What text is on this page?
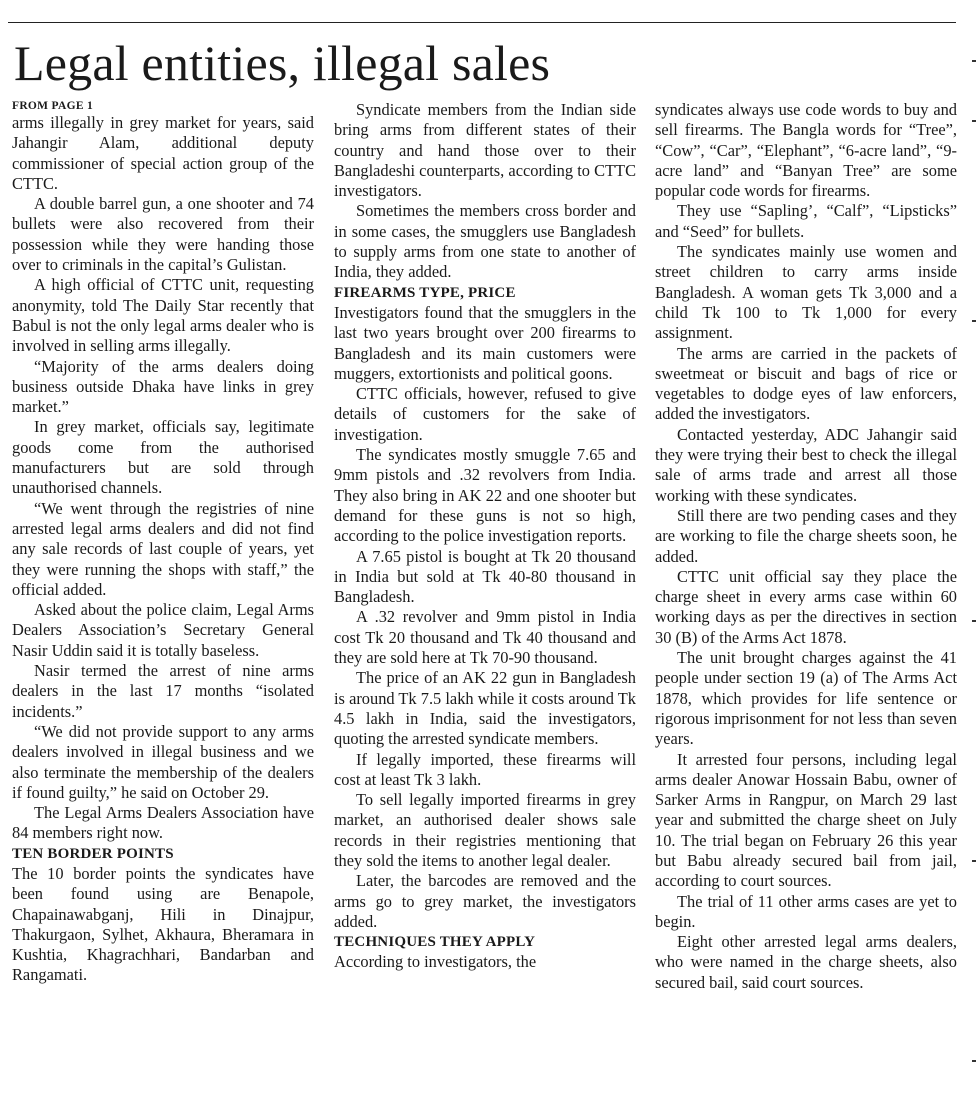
Legal entities, illegal sales

FROM PAGE 1

arms illegally in grey market for years, said Jahangir Alam, additional deputy commissioner of special action group of the CTTC.

A double barrel gun, a one shooter and 74 bullets were also recovered from their possession while they were handing those over to criminals in the capital’s Gulistan.

A high official of CTTC unit, requesting anonymity, told The Daily Star recently that Babul is not the only legal arms dealer who is involved in selling arms illegally.

“Majority of the arms dealers doing business outside Dhaka have links in grey market.”

In grey market, officials say, legitimate goods come from the authorised manufacturers but are sold through unauthorised channels.

“We went through the registries of nine arrested legal arms dealers and did not find any sale records of last couple of years, yet they were running the shops with staff,” the official added.

Asked about the police claim, Legal Arms Dealers Association’s Secretary General Nasir Uddin said it is totally baseless.

Nasir termed the arrest of nine arms dealers in the last 17 months “isolated incidents.”

“We did not provide support to any arms dealers involved in illegal business and we also terminate the membership of the dealers if found guilty,” he said on October 29.

The Legal Arms Dealers Association have 84 members right now.

TEN BORDER POINTS

The 10 border points the syndicates have been found using are Benapole, Chapainawabganj, Hili in Dinajpur, Thakurgaon, Sylhet, Akhaura, Bheramara in Kushtia, Khagrachhari, Bandarban and Rangamati.

Syndicate members from the Indian side bring arms from different states of their country and hand those over to their Bangladeshi counterparts, according to CTTC investigators.

Sometimes the members cross border and in some cases, the smugglers use Bangladesh to supply arms from one state to another of India, they added.

FIREARMS TYPE, PRICE

Investigators found that the smugglers in the last two years brought over 200 firearms to Bangladesh and its main customers were muggers, extortionists and political goons.

CTTC officials, however, refused to give details of customers for the sake of investigation.

The syndicates mostly smuggle 7.65 and 9mm pistols and .32 revolvers from India. They also bring in AK 22 and one shooter but demand for these guns is not so high, according to the police investigation reports.

A 7.65 pistol is bought at Tk 20 thousand in India but sold at Tk 40-80 thousand in Bangladesh.

A .32 revolver and 9mm pistol in India cost Tk 20 thousand and Tk 40 thousand and they are sold here at Tk 70-90 thousand.

The price of an AK 22 gun in Bangladesh is around Tk 7.5 lakh while it costs around Tk 4.5 lakh in India, said the investigators, quoting the arrested syndicate members.

If legally imported, these firearms will cost at least Tk 3 lakh.

To sell legally imported firearms in grey market, an authorised dealer shows sale records in their registries mentioning that they sold the items to another legal dealer.

Later, the barcodes are removed and the arms go to grey market, the investigators added.

TECHNIQUES THEY APPLY

According to investigators, the

syndicates always use code words to buy and sell firearms. The Bangla words for “Tree”, “Cow”, “Car”, “Elephant”, “6-acre land”, “9-acre land” and “Banyan Tree” are some popular code words for firearms.

They use “Sapling’, “Calf”, “Lipsticks” and “Seed” for bullets.

The syndicates mainly use women and street children to carry arms inside Bangladesh. A woman gets Tk 3,000 and a child Tk 100 to Tk 1,000 for every assignment.

The arms are carried in the packets of sweetmeat or biscuit and bags of rice or vegetables to dodge eyes of law enforcers, added the investigators.

Contacted yesterday, ADC Jahangir said they were trying their best to check the illegal sale of arms trade and arrest all those working with these syndicates.

Still there are two pending cases and they are working to file the charge sheets soon, he added.

CTTC unit official say they place the charge sheet in every arms case within 60 working days as per the directives in section 30 (B) of the Arms Act 1878.

The unit brought charges against the 41 people under section 19 (a) of The Arms Act 1878, which provides for life sentence or rigorous imprisonment for not less than seven years.

It arrested four persons, including legal arms dealer Anowar Hossain Babu, owner of Sarker Arms in Rangpur, on March 29 last year and submitted the charge sheet on July 10. The trial began on February 26 this year but Babu already secured bail from jail, according to court sources.

The trial of 11 other arms cases are yet to begin.

Eight other arrested legal arms dealers, who were named in the charge sheets, also secured bail, said court sources.
